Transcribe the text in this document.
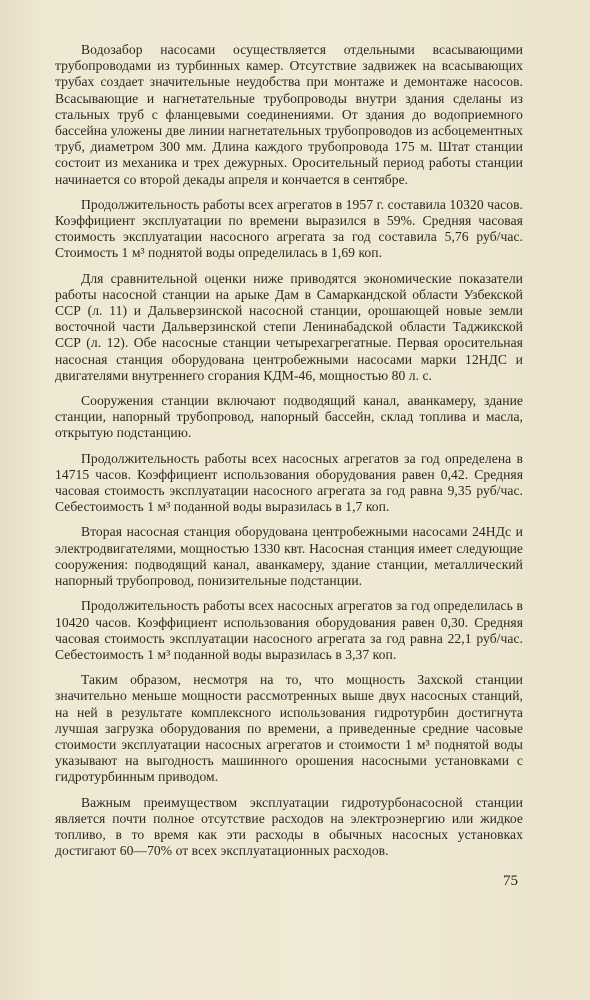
Водозабор насосами осуществляется отдельными всасывающими трубопроводами из турбинных камер. Отсутствие задвижек на всасывающих трубах создает значительные неудобства при монтаже и демонтаже насосов. Всасывающие и нагнетательные трубопроводы внутри здания сделаны из стальных труб с фланцевыми соединениями. От здания до водоприемного бассейна уложены две линии нагнетательных трубопроводов из асбоцементных труб, диаметром 300 мм. Длина каждого трубопровода 175 м. Штат станции состоит из механика и трех дежурных. Оросительный период работы станции начинается со второй декады апреля и кончается в сентябре.

Продолжительность работы всех агрегатов в 1957 г. составила 10320 часов. Коэффициент эксплуатации по времени выразился в 59%. Средняя часовая стоимость эксплуатации насосного агрегата за год составила 5,76 руб/час. Стоимость 1 м³ поднятой воды определилась в 1,69 коп.

Для сравнительной оценки ниже приводятся экономические показатели работы насосной станции на арыке Дам в Самаркандской области Узбекской ССР (л. 11) и Дальверзинской насосной станции, орошающей новые земли восточной части Дальверзинской степи Ленинабадской области Таджикской ССР (л. 12). Обе насосные станции четырехагрегатные. Первая оросительная насосная станция оборудована центробежными насосами марки 12НДС и двигателями внутреннего сгорания КДМ-46, мощностью 80 л. с.

Сооружения станции включают подводящий канал, аванкамеру, здание станции, напорный трубопровод, напорный бассейн, склад топлива и масла, открытую подстанцию.

Продолжительность работы всех насосных агрегатов за год определена в 14715 часов. Коэффициент использования оборудования равен 0,42. Средняя часовая стоимость эксплуатации насосного агрегата за год равна 9,35 руб/час. Себестоимость 1 м³ поданной воды выразилась в 1,7 коп.

Вторая насосная станция оборудована центробежными насосами 24НДс и электродвигателями, мощностью 1330 квт. Насосная станция имеет следующие сооружения: подводящий канал, аванкамеру, здание станции, металлический напорный трубопровод, понизительные подстанции.

Продолжительность работы всех насосных агрегатов за год определилась в 10420 часов. Коэффициент использования оборудования равен 0,30. Средняя часовая стоимость эксплуатации насосного агрегата за год равна 22,1 руб/час. Себестоимость 1 м³ поданной воды выразилась в 3,37 коп.

Таким образом, несмотря на то, что мощность Захской станции значительно меньше мощности рассмотренных выше двух насосных станций, на ней в результате комплексного использования гидротурбин достигнута лучшая загрузка оборудования по времени, а приведенные средние часовые стоимости эксплуатации насосных агрегатов и стоимости 1 м³ поднятой воды указывают на выгодность машинного орошения насосными установками с гидротурбинным приводом.

Важным преимуществом эксплуатации гидротурбонасосной станции является почти полное отсутствие расходов на электроэнергию или жидкое топливо, в то время как эти расходы в обычных насосных установках достигают 60—70% от всех эксплуатационных расходов.

75
